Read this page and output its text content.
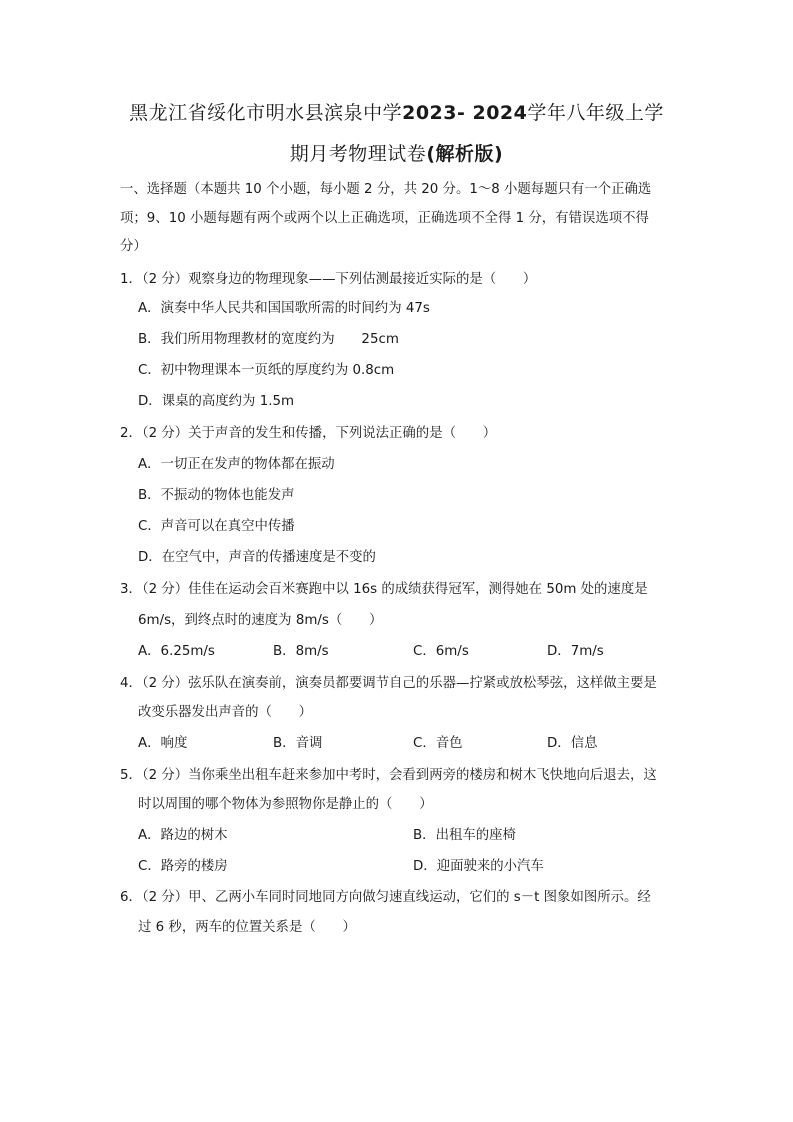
黑龙江省绥化市明水县滨泉中学2023- 2024学年八年级上学
期月考物理试卷(解析版)
一、选择题（本题共 10 个小题，每小题 2 分，共 20 分。1～8 小题每题只有一个正确选
项；9、10 小题每题有两个或两个以上正确选项，正确选项不全得 1 分，有错误选项不得
分）
1．（2 分）观察身边的物理现象——下列估测最接近实际的是（　　）
A．演奏中华人民共和国国歌所需的时间约为 47s
B．我们所用物理教材的宽度约为　　25cm
C．初中物理课本一页纸的厚度约为 0.8cm
D．课桌的高度约为 1.5m
2．（2 分）关于声音的发生和传播，下列说法正确的是（　　）
A．一切正在发声的物体都在振动
B．不振动的物体也能发声
C．声音可以在真空中传播
D．在空气中，声音的传播速度是不变的
3．（2 分）佳佳在运动会百米赛跑中以 16s 的成绩获得冠军，测得她在 50m 处的速度是
6m/s，到终点时的速度为 8m/s（　　）
A．6.25m/s	B．8m/s	C．6m/s	D．7m/s
4．（2 分）弦乐队在演奏前，演奏员都要调节自己的乐器—拧紧或放松琴弦，这样做主要是
改变乐器发出声音的（　　）
A．响度	B．音调	C．音色	D．信息
5．（2 分）当你乘坐出租车赶来参加中考时，会看到两旁的楼房和树木飞快地向后退去，这
时以周围的哪个物体为参照物你是静止的（　　）
A．路边的树木	B．出租车的座椅
C．路旁的楼房	D．迎面驶来的小汽车
6．（2 分）甲、乙两小车同时同地同方向做匀速直线运动，它们的 s－t 图象如图所示。经
过 6 秒，两车的位置关系是（　　）
